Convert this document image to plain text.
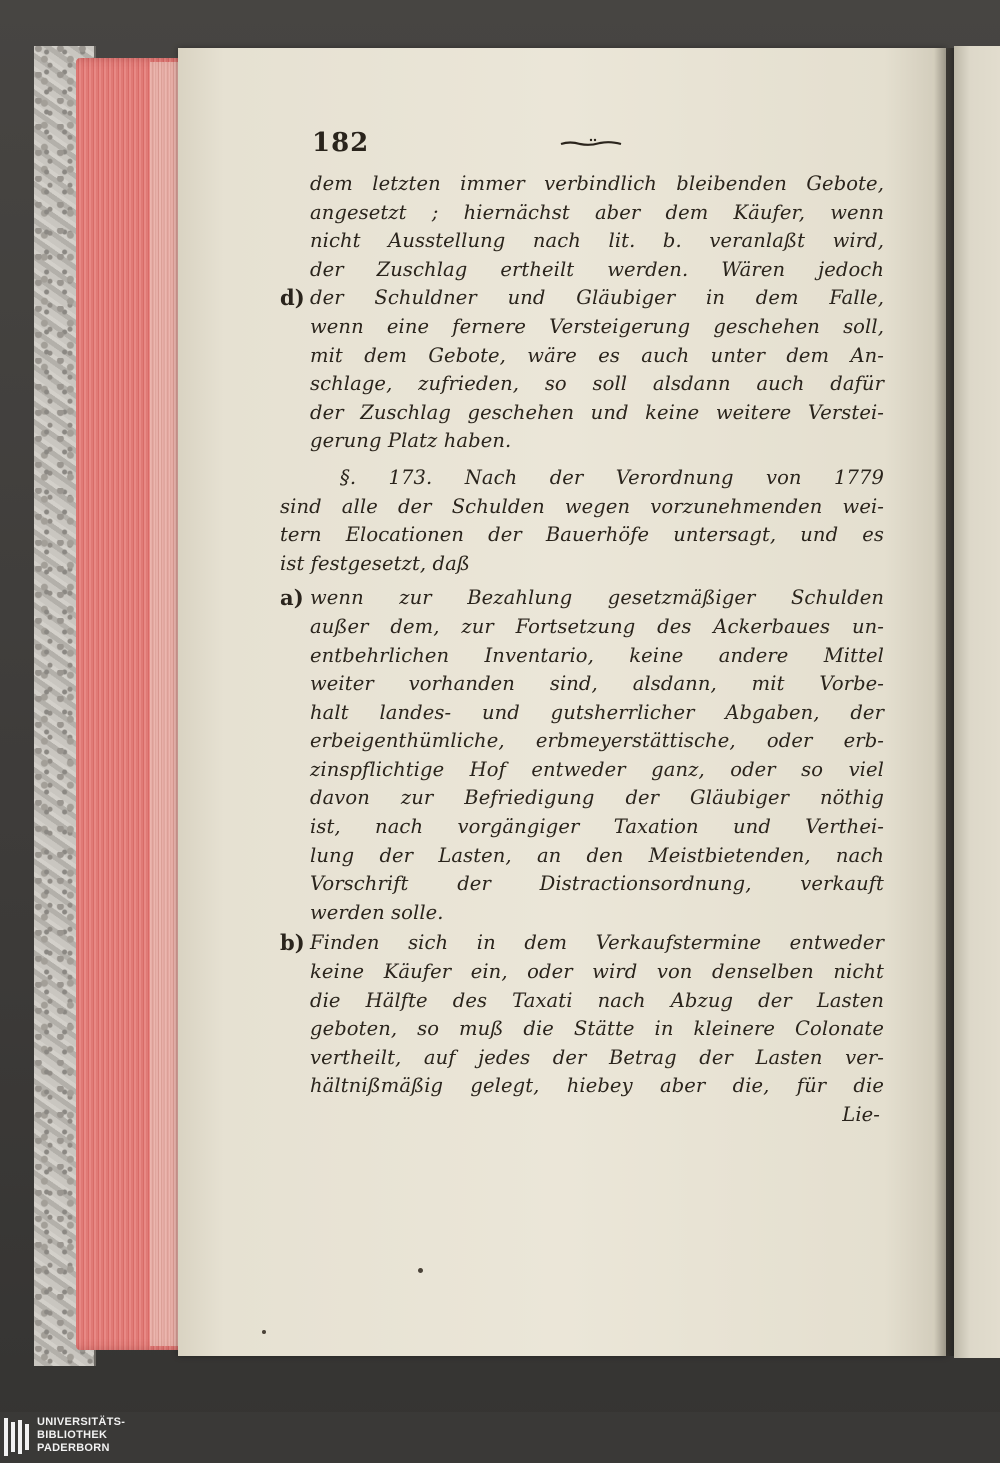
182
dem letzten immer verbindlich bleibenden Gebote,
angesetzt ; hiernächst aber dem Käufer, wenn
nicht Ausstellung nach lit. b. veranlaßt wird,
der Zuschlag ertheilt werden. Wären jedoch
d) der Schuldner und Gläubiger in dem Falle,
wenn eine fernere Versteigerung geschehen soll,
mit dem Gebote, wäre es auch unter dem An-
schlage, zufrieden, so soll alsdann auch dafür
der Zuschlag geschehen und keine weitere Verstei-
gerung Platz haben.
§. 173. Nach der Verordnung von 1779
sind alle der Schulden wegen vorzunehmenden wei-
tern Elocationen der Bauerhöfe untersagt, und es
ist festgesetzt, daß
a) wenn zur Bezahlung gesetzmäßiger Schulden
außer dem, zur Fortsetzung des Ackerbaues un-
entbehrlichen Inventario, keine andere Mittel
weiter vorhanden sind, alsdann, mit Vorbe-
halt landes- und gutsherrlicher Abgaben, der
erbeigenthümliche, erbmeyerstättische, oder erb-
zinspflichtige Hof entweder ganz, oder so viel
davon zur Befriedigung der Gläubiger nöthig
ist, nach vorgängiger Taxation und Verthei-
lung der Lasten, an den Meistbietenden, nach
Vorschrift der Distractionsordnung, verkauft
werden solle.
b) Finden sich in dem Verkaufstermine entweder
keine Käufer ein, oder wird von denselben nicht
die Hälfte des Taxati nach Abzug der Lasten
geboten, so muß die Stätte in kleinere Colonate
vertheilt, auf jedes der Betrag der Lasten ver-
hältnißmäßig gelegt, hiebey aber die, für die
Lie-
UNIVERSITÄTS-
BIBLIOTHEK
PADERBORN
